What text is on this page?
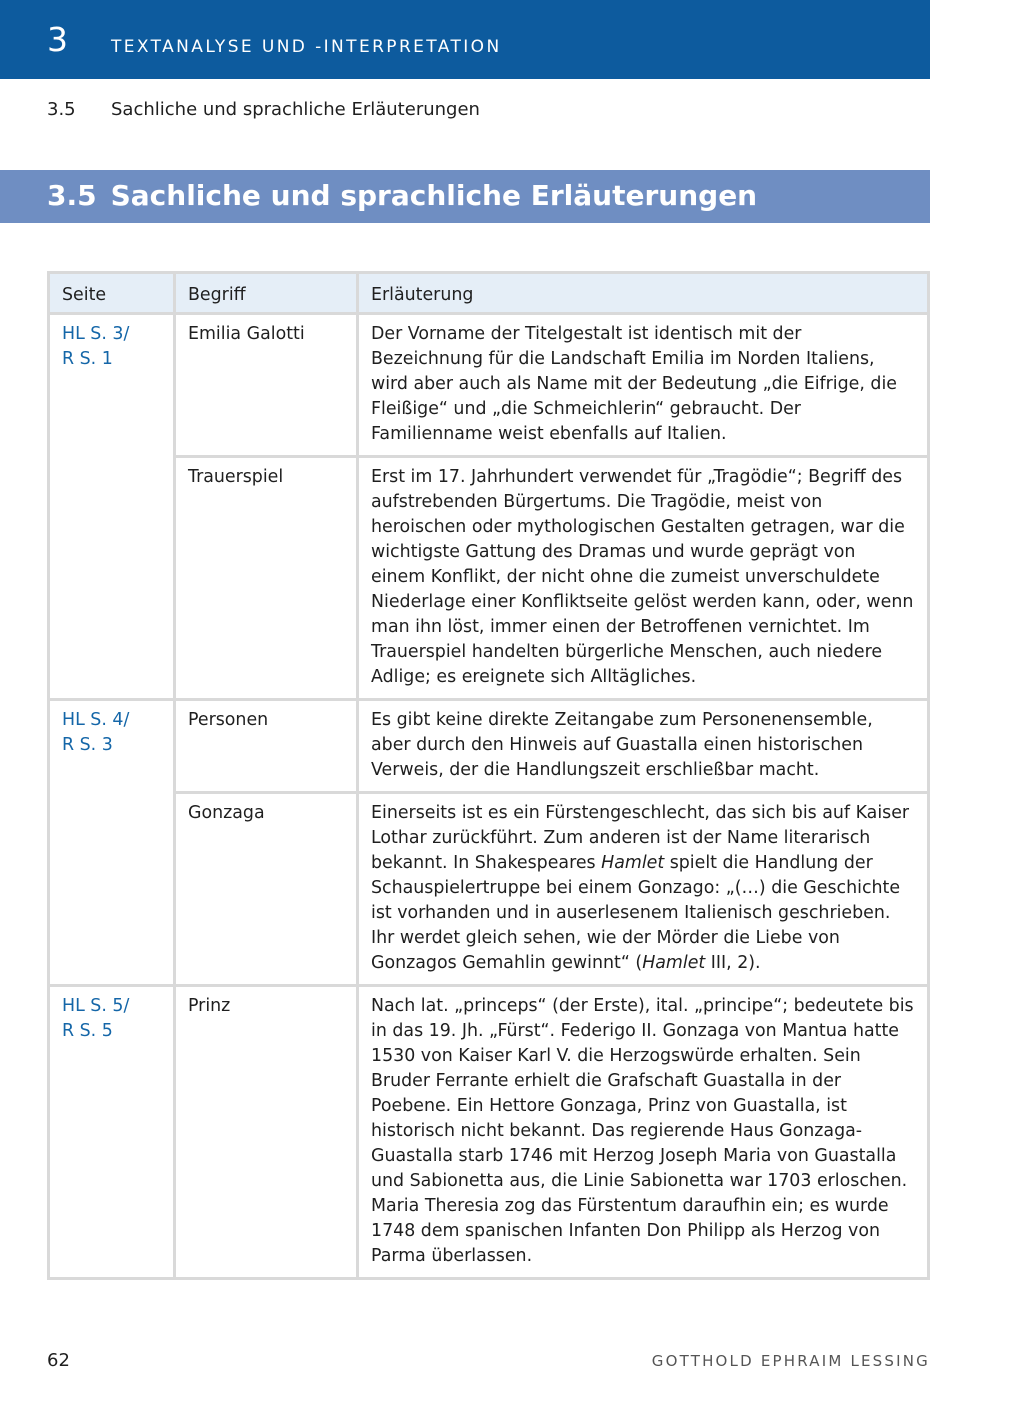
3	TEXTANALYSE UND -INTERPRETATION
3.5 Sachliche und sprachliche Erläuterungen
3.5 Sachliche und sprachliche Erläuterungen
Seite	Begriff	Erläuterung

HL S. 3/
R S. 1	Emilia Galotti	Der Vorname der Titelgestalt ist identisch mit der Bezeichnung für die Landschaft Emilia im Norden Italiens, wird aber auch als Name mit der Bedeutung „die Eifrige, die Fleißige“ und „die Schmeichlerin“ gebraucht. Der Familienname weist ebenfalls auf Italien.
	Trauerspiel	Erst im 17. Jahrhundert verwendet für „Tragödie“; Begriff des aufstrebenden Bürgertums. Die Tragödie, meist von heroischen oder mythologischen Gestalten getragen, war die wichtigste Gattung des Dramas und wurde geprägt von einem Konflikt, der nicht ohne die zumeist unverschuldete Niederlage einer Konfliktseite gelöst werden kann, oder, wenn man ihn löst, immer einen der Betroffenen vernichtet. Im Trauerspiel handelten bürgerliche Menschen, auch niedere Adlige; es ereignete sich Alltägliches.

HL S. 4/
R S. 3	Personen	Es gibt keine direkte Zeitangabe zum Personenensemble, aber durch den Hinweis auf Guastalla einen historischen Verweis, der die Handlungszeit erschließbar macht.
	Gonzaga	Einerseits ist es ein Fürstengeschlecht, das sich bis auf Kaiser Lothar zurückführt. Zum anderen ist der Name literarisch bekannt. In Shakespeares Hamlet spielt die Handlung der Schauspielertruppe bei einem Gonzago: „(…) die Geschichte ist vorhanden und in auserlesenem Italienisch geschrieben. Ihr werdet gleich sehen, wie der Mörder die Liebe von Gonzagos Gemahlin gewinnt“ (Hamlet III, 2).

HL S. 5/
R S. 5	Prinz	Nach lat. „princeps“ (der Erste), ital. „principe“; bedeutete bis in das 19. Jh. „Fürst“. Federigo II. Gonzaga von Mantua hatte 1530 von Kaiser Karl V. die Herzogswürde erhalten. Sein Bruder Ferrante erhielt die Grafschaft Guastalla in der Poebene. Ein Hettore Gonzaga, Prinz von Guastalla, ist historisch nicht bekannt. Das regierende Haus Gonzaga-Guastalla starb 1746 mit Herzog Joseph Maria von Guastalla und Sabionetta aus, die Linie Sabionetta war 1703 erloschen. Maria Theresia zog das Fürstentum daraufhin ein; es wurde 1748 dem spanischen Infanten Don Philipp als Herzog von Parma überlassen.
62	GOTTHOLD EPHRAIM LESSING
